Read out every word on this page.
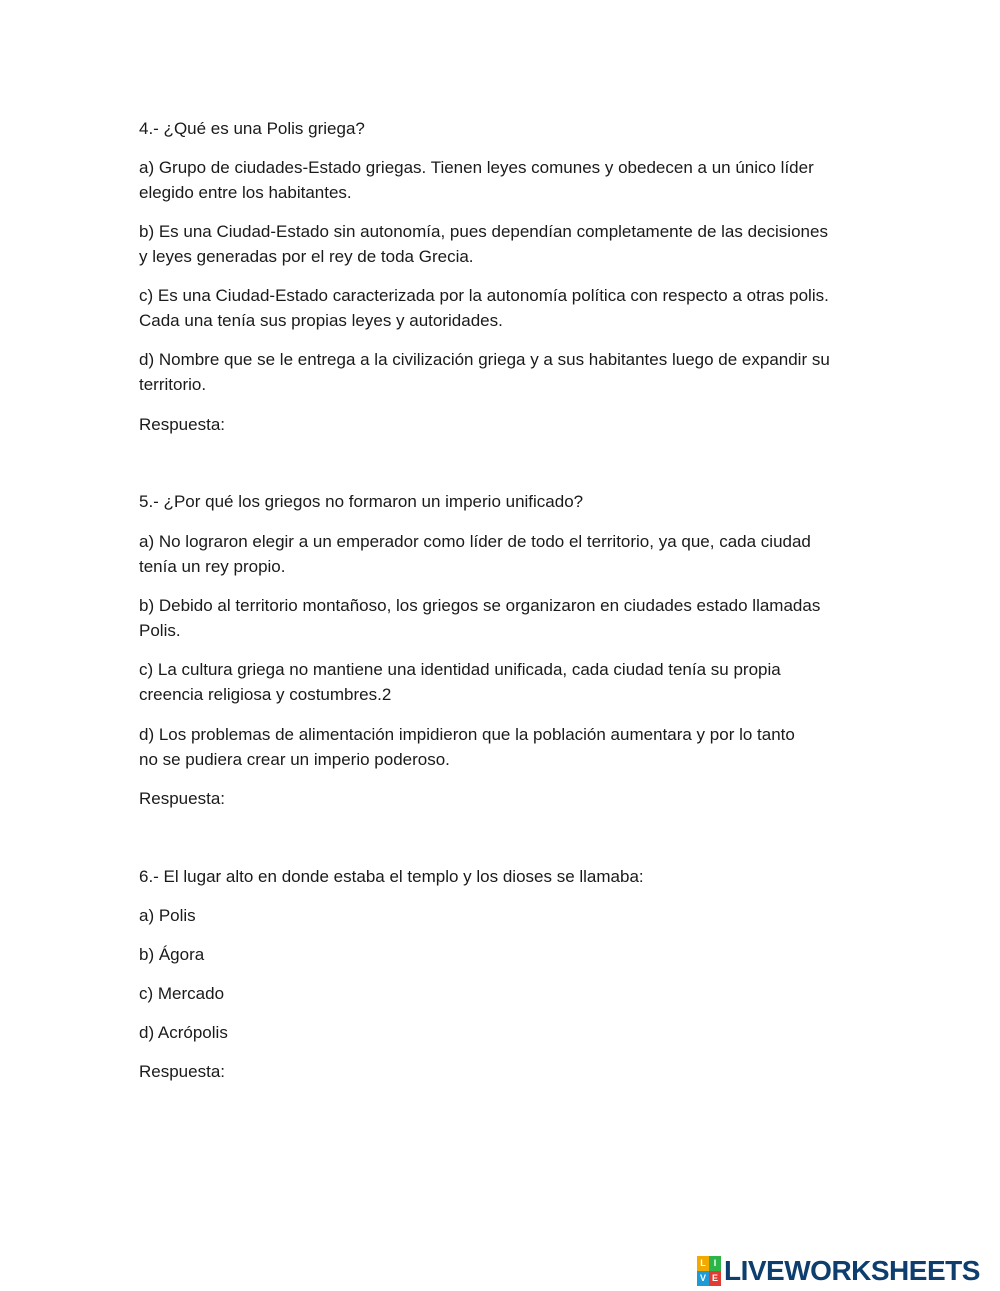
4.- ¿Qué es una Polis griega?
a) Grupo de ciudades-Estado griegas. Tienen leyes comunes y obedecen a un único líder
elegido entre los habitantes.
b) Es una Ciudad-Estado sin autonomía, pues dependían completamente de las decisiones
y leyes generadas por el rey de toda Grecia.
c) Es una Ciudad-Estado caracterizada por la autonomía política con respecto a otras polis.
Cada una tenía sus propias leyes y autoridades.
d) Nombre que se le entrega a la civilización griega y a sus habitantes luego de expandir su
territorio.
Respuesta:
5.- ¿Por qué los griegos no formaron un imperio unificado?
a) No lograron elegir a un emperador como líder de todo el territorio, ya que, cada ciudad
tenía un rey propio.
b) Debido al territorio montañoso, los griegos se organizaron en ciudades estado llamadas
Polis.
c) La cultura griega no mantiene una identidad unificada, cada ciudad tenía su propia
creencia religiosa y costumbres.2
d) Los problemas de alimentación impidieron que la población aumentara y por lo tanto
no se pudiera crear un imperio poderoso.
Respuesta:
6.- El lugar alto en donde estaba el templo y los dioses se llamaba:
a) Polis
b) Ágora
c) Mercado
d) Acrópolis
Respuesta:
L I
V E LIVEWORKSHEETS
